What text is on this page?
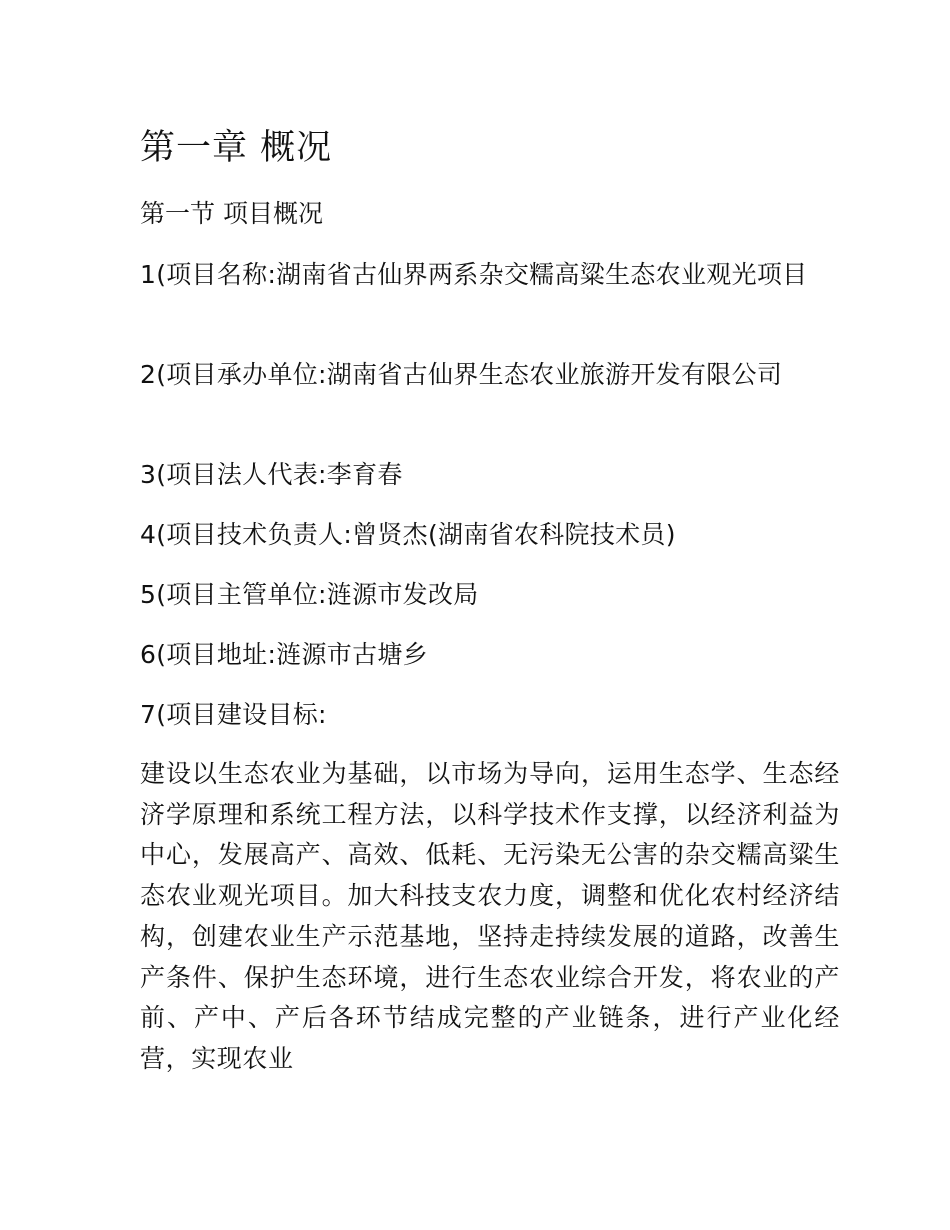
第一章 概况
第一节 项目概况

1(项目名称:湖南省古仙界两系杂交糯高粱生态农业观光项目

2(项目承办单位:湖南省古仙界生态农业旅游开发有限公司

3(项目法人代表:李育春

4(项目技术负责人:曾贤杰(湖南省农科院技术员)

5(项目主管单位:涟源市发改局

6(项目地址:涟源市古塘乡

7(项目建设目标:

建设以生态农业为基础，以市场为导向，运用生态学、生态经济学原理和系统工程方法，以科学技术作支撑，以经济利益为中心，发展高产、高效、低耗、无污染无公害的杂交糯高粱生态农业观光项目。加大科技支农力度，调整和优化农村经济结构，创建农业生产示范基地，坚持走持续发展的道路，改善生产条件、保护生态环境，进行生态农业综合开发，将农业的产前、产中、产后各环节结成完整的产业链条，进行产业化经营，实现农业
